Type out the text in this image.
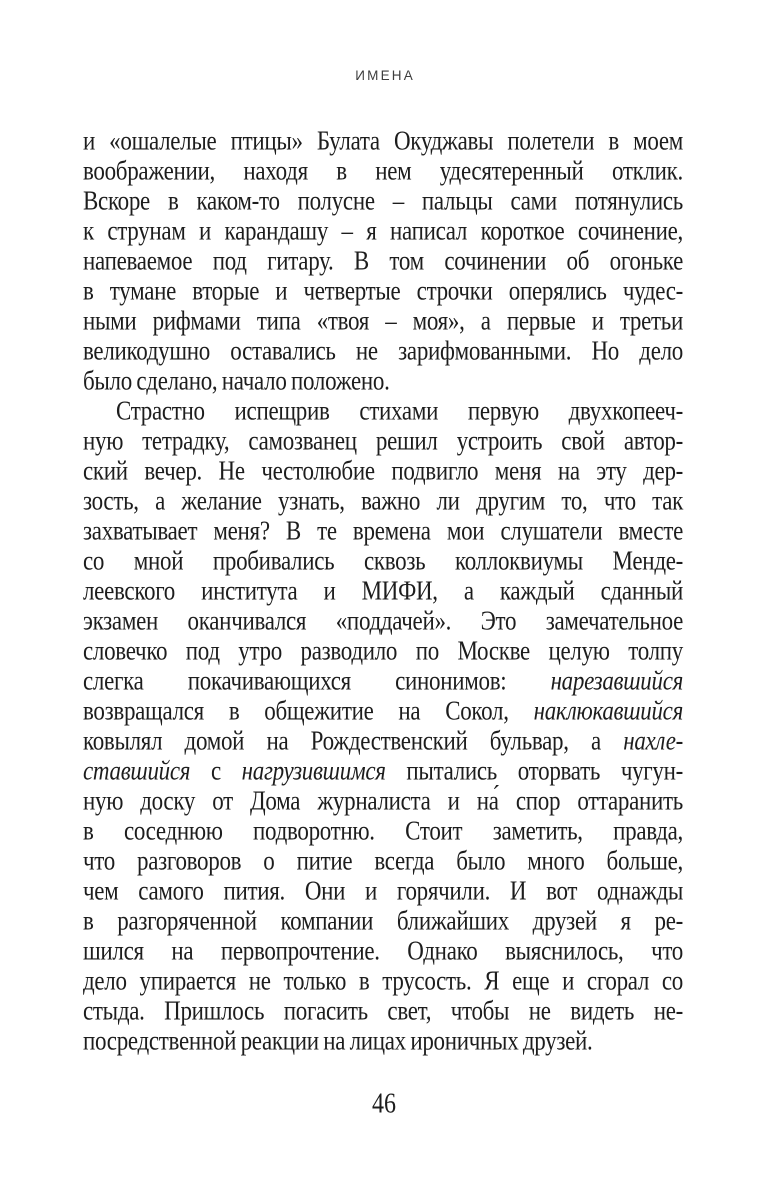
ИМЕНА
и «ошалелые птицы» Булата Окуджавы полетели в моем
воображении, находя в нем удесятеренный отклик.
Вскоре в каком-то полусне – пальцы сами потянулись
к струнам и карандашу – я написал короткое сочинение,
напеваемое под гитару. В том сочинении об огоньке
в тумане вторые и четвертые строчки оперялись чудес-
ными рифмами типа «твоя – моя», а первые и третьи
великодушно оставались не зарифмованными. Но дело
было сделано, начало положено.
Страстно испещрив стихами первую двухкопееч-
ную тетрадку, самозванец решил устроить свой автор-
ский вечер. Не честолюбие подвигло меня на эту дер-
зость, а желание узнать, важно ли другим то, что так
захватывает меня? В те времена мои слушатели вместе
со мной пробивались сквозь коллоквиумы Менде-
леевского института и МИФИ, а каждый сданный
экзамен оканчивался «поддачей». Это замечательное
словечко под утро разводило по Москве целую толпу
слегка покачивающихся синонимов: нарезавшийся
возвращался в общежитие на Сокол, наклюкавшийся
ковылял домой на Рождественский бульвар, а нахле-
ставшийся с нагрузившимся пытались оторвать чугун-
ную доску от Дома журналиста и на́ спор оттаранить
в соседнюю подворотню. Стоит заметить, правда,
что разговоров о питие всегда было много больше,
чем самого пития. Они и горячили. И вот однажды
в разгоряченной компании ближайших друзей я ре-
шился на первопрочтение. Однако выяснилось, что
дело упирается не только в трусость. Я еще и сгорал со
стыда. Пришлось погасить свет, чтобы не видеть не-
посредственной реакции на лицах ироничных друзей.
46
